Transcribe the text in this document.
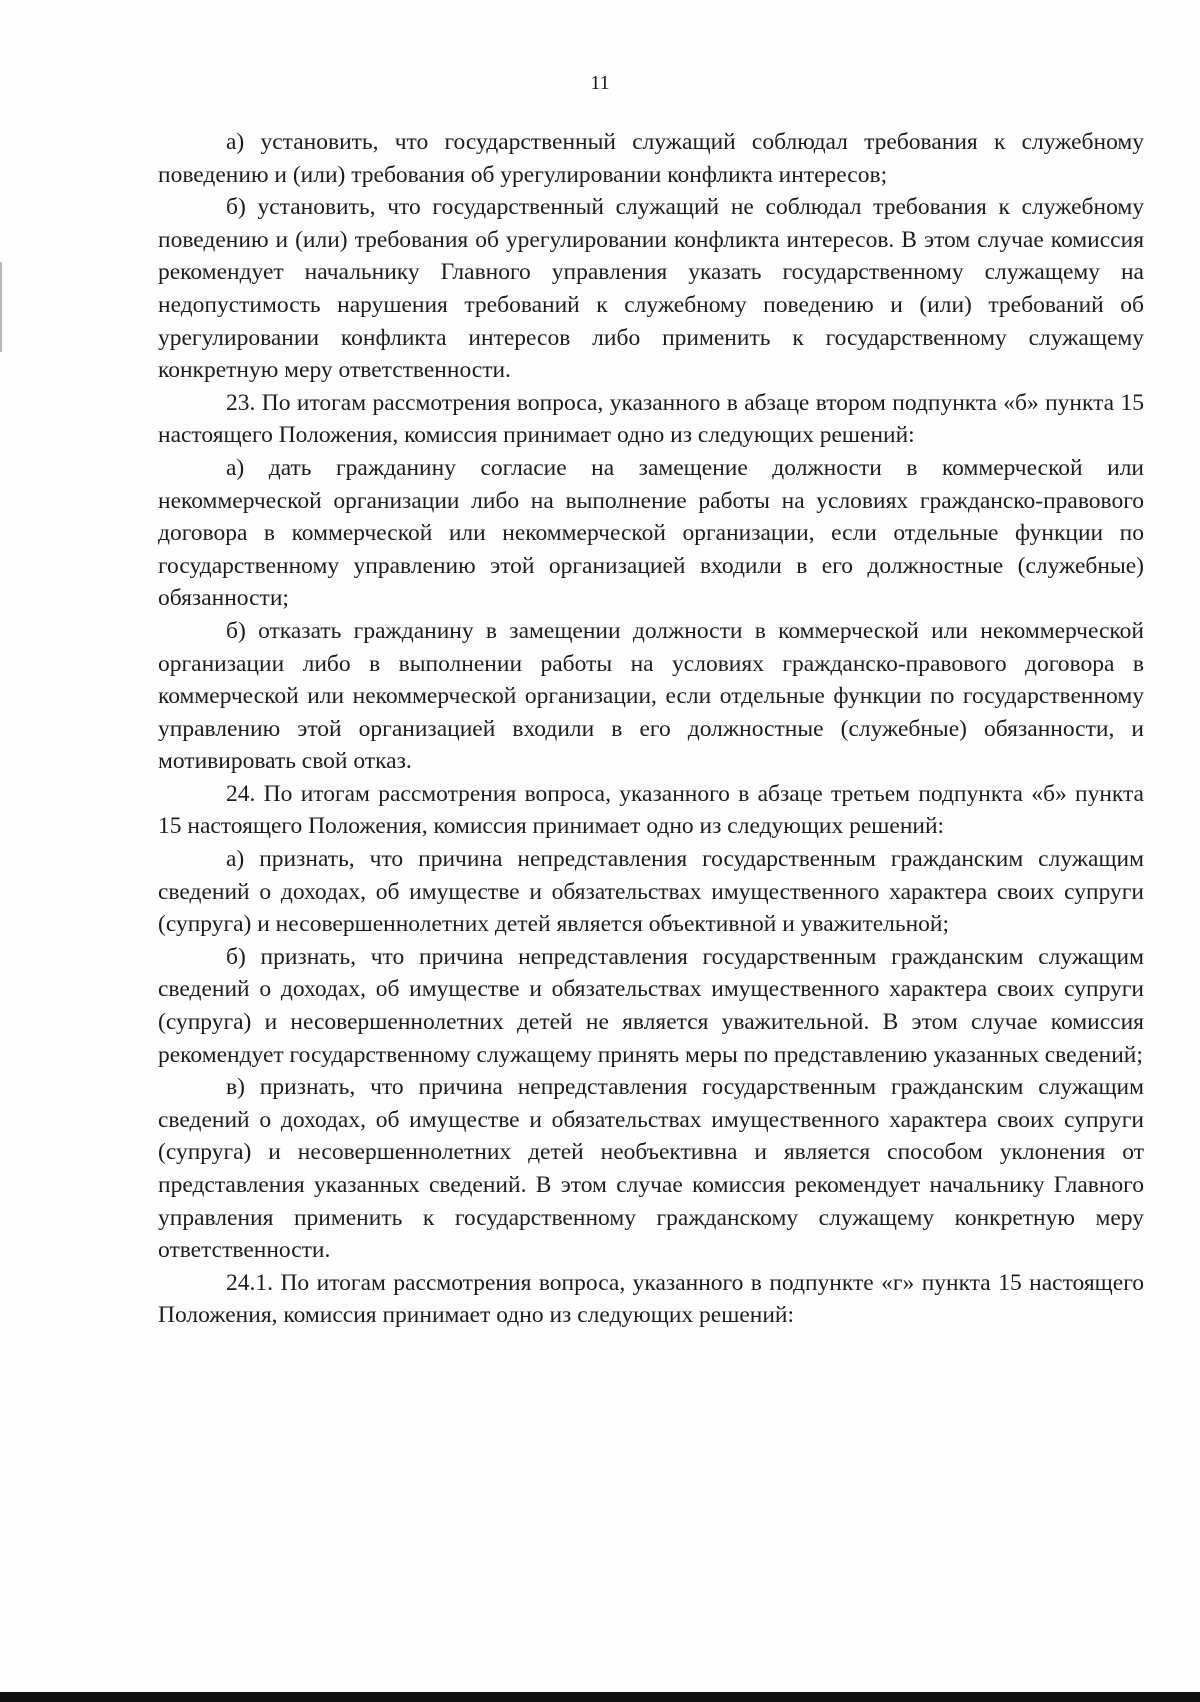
11

а) установить, что государственный служащий соблюдал требования к служебному поведению и (или) требования об урегулировании конфликта интересов;

б) установить, что государственный служащий не соблюдал требования к служебному поведению и (или) требования об урегулировании конфликта интересов. В этом случае комиссия рекомендует начальнику Главного управления указать государственному служащему на недопустимость нарушения требований к служебному поведению и (или) требований об урегулировании конфликта интересов либо применить к государственному служащему конкретную меру ответственности.

23. По итогам рассмотрения вопроса, указанного в абзаце втором подпункта «б» пункта 15 настоящего Положения, комиссия принимает одно из следующих решений:

а) дать гражданину согласие на замещение должности в коммерческой или некоммерческой организации либо на выполнение работы на условиях гражданско-правового договора в коммерческой или некоммерческой организации, если отдельные функции по государственному управлению этой организацией входили в его должностные (служебные) обязанности;

б) отказать гражданину в замещении должности в коммерческой или некоммерческой организации либо в выполнении работы на условиях гражданско-правового договора в коммерческой или некоммерческой организации, если отдельные функции по государственному управлению этой организацией входили в его должностные (служебные) обязанности, и мотивировать свой отказ.

24. По итогам рассмотрения вопроса, указанного в абзаце третьем подпункта «б» пункта 15 настоящего Положения, комиссия принимает одно из следующих решений:

а) признать, что причина непредставления государственным гражданским служащим сведений о доходах, об имуществе и обязательствах имущественного характера своих супруги (супруга) и несовершеннолетних детей является объективной и уважительной;

б) признать, что причина непредставления государственным гражданским служащим сведений о доходах, об имуществе и обязательствах имущественного характера своих супруги (супруга) и несовершеннолетних детей не является уважительной. В этом случае комиссия рекомендует государственному служащему принять меры по представлению указанных сведений;

в) признать, что причина непредставления государственным гражданским служащим сведений о доходах, об имуществе и обязательствах имущественного характера своих супруги (супруга) и несовершеннолетних детей необъективна и является способом уклонения от представления указанных сведений. В этом случае комиссия рекомендует начальнику Главного управления применить к государственному гражданскому служащему конкретную меру ответственности.

24.1. По итогам рассмотрения вопроса, указанного в подпункте «г» пункта 15 настоящего Положения, комиссия принимает одно из следующих решений:
